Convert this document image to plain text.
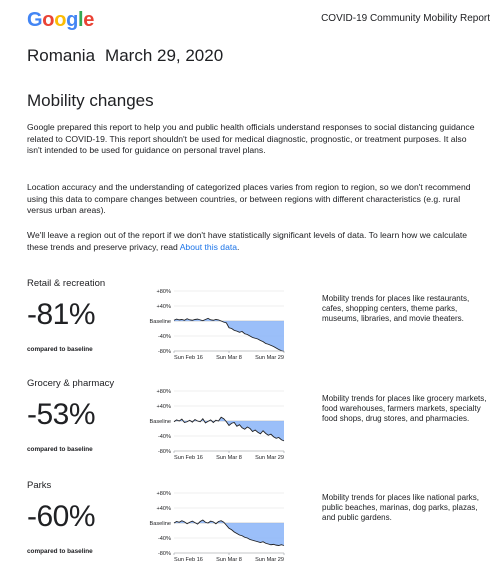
Google	COVID-19 Community Mobility Report
Romania March 29, 2020
Mobility changes
Google prepared this report to help you and public health officials understand responses to social distancing guidance related to COVID-19. This report shouldn't be used for medical diagnostic, prognostic, or treatment purposes. It also isn't intended to be used for guidance on personal travel plans.
Location accuracy and the understanding of categorized places varies from region to region, so we don't recommend using this data to compare changes between countries, or between regions with different characteristics (e.g. rural versus urban areas).
We'll leave a region out of the report if we don't have statistically significant levels of data. To learn how we calculate these trends and preserve privacy, read About this data.
Retail & recreation
-81%
compared to baseline
+80%
+40%
Baseline
-40%
-80%
Sun Feb 16 Sun Mar 8 Sun Mar 29
Mobility trends for places like restaurants, cafes, shopping centers, theme parks, museums, libraries, and movie theaters.
Grocery & pharmacy
-53%
compared to baseline
+80%
+40%
Baseline
-40%
-80%
Sun Feb 16 Sun Mar 8 Sun Mar 29
Mobility trends for places like grocery markets, food warehouses, farmers markets, specialty food shops, drug stores, and pharmacies.
Parks
-60%
compared to baseline
+80%
+40%
Baseline
-40%
-80%
Sun Feb 16 Sun Mar 8 Sun Mar 29
Mobility trends for places like national parks, public beaches, marinas, dog parks, plazas, and public gardens.
